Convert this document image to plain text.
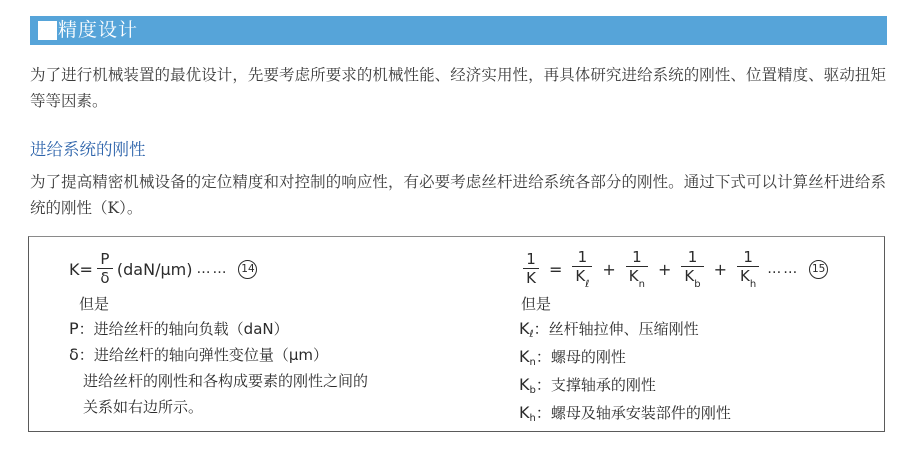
精度设计

为了进行机械装置的最优设计，先要考虑所要求的机械性能、经济实用性，再具体研究进给系统的刚性、位置精度、驱动扭矩等等因素。

进给系统的刚性

为了提高精密机械设备的定位精度和对控制的响应性，有必要考虑丝杆进给系统各部分的刚性。通过下式可以计算丝杆进给系统的刚性（K）。

$K= \frac{P}{\delta} (daN/\mu m)$ …… 14
但是
P ： 进给丝杆的轴向负载（daN）
δ ： 进给丝杆的轴向弹性变位量（μm）
进给丝杆的刚性和各构成要素的刚性之间的
关系如右边所示。
$\frac{1}{K} = \frac{1}{K_\ell} + \frac{1}{K_n} + \frac{1}{K_b} + \frac{1}{K_h}$ …… 15
但是
K ℓ ： 丝杆轴拉伸、压缩刚性
K n ： 螺母的刚性
K b ： 支撑轴承的刚性
K h ： 螺母及轴承安装部件的刚性
